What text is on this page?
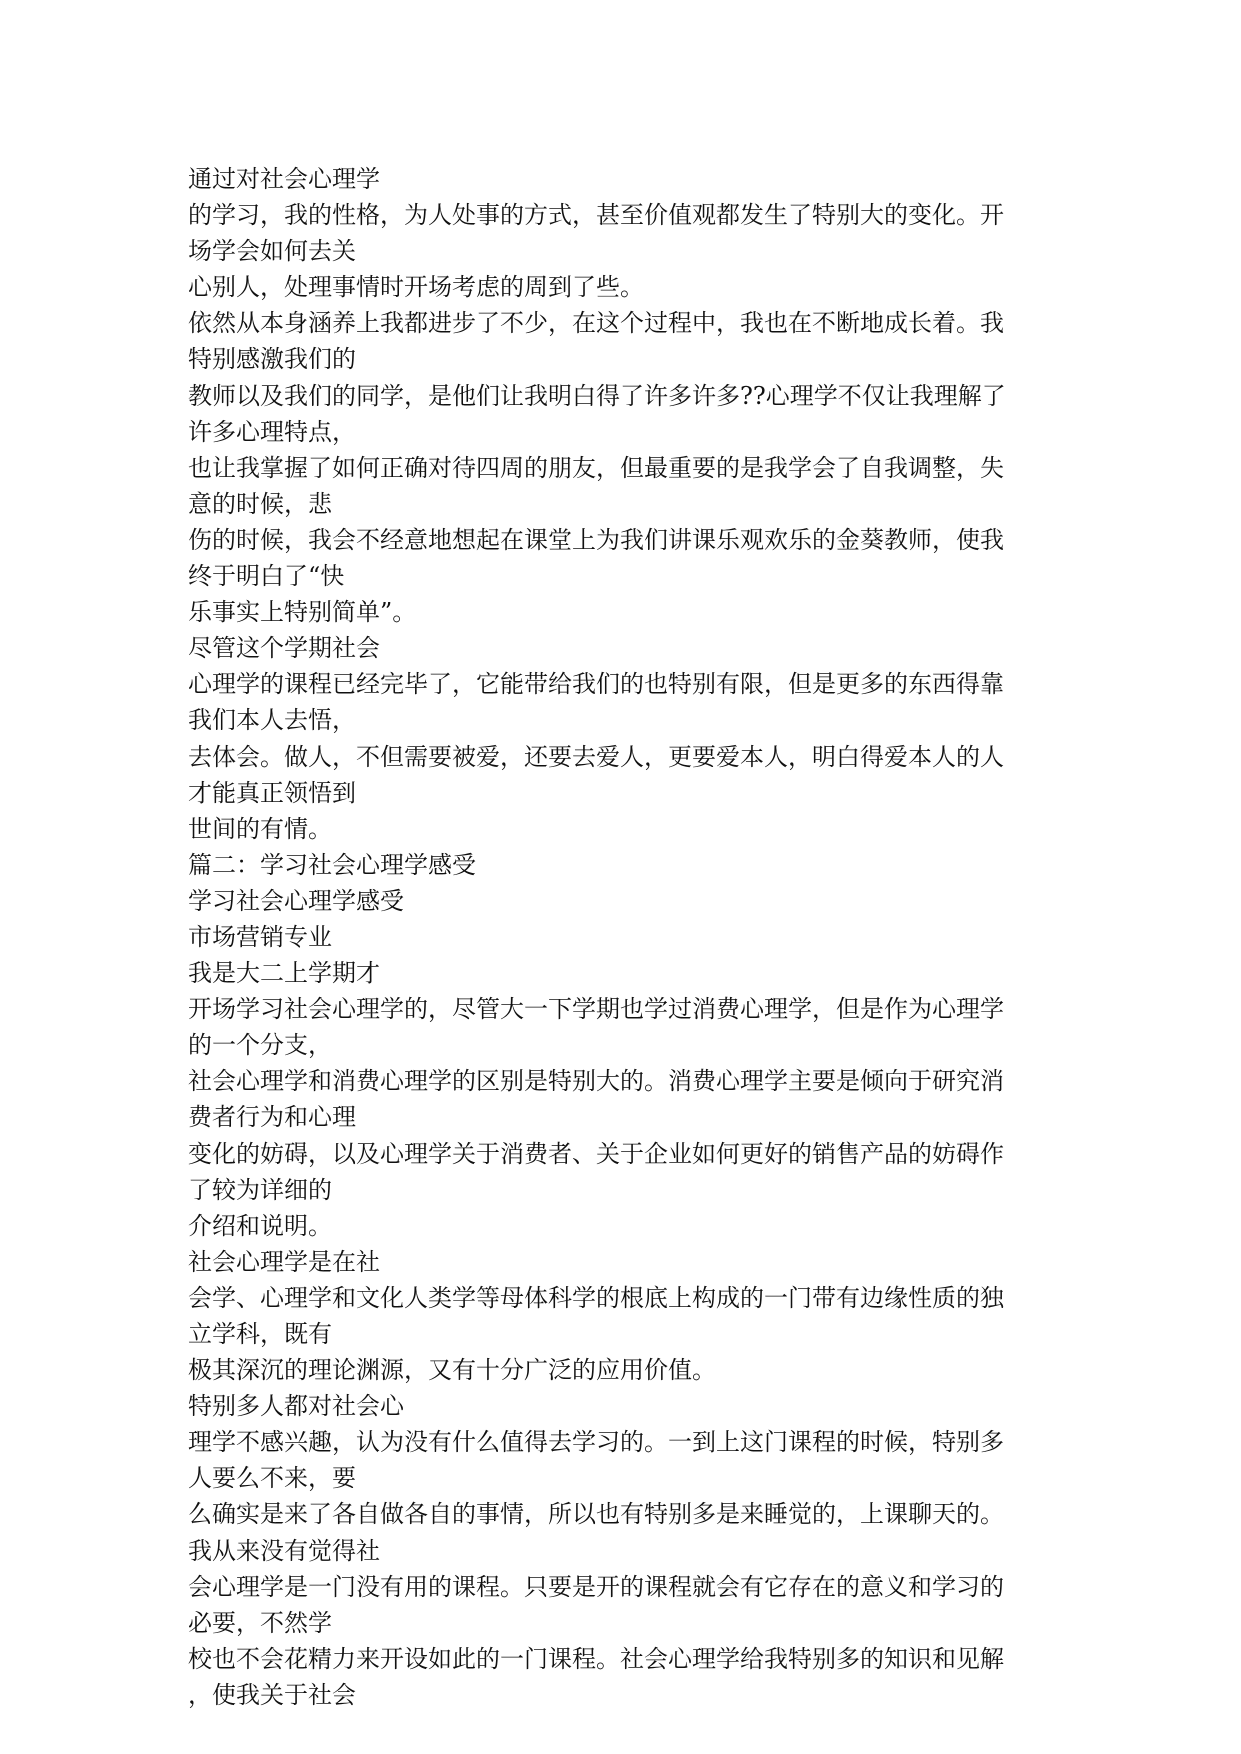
通过对社会心理学
的学习，我的性格，为人处事的方式，甚至价值观都发生了特别大的变化。开
场学会如何去关
心别人，处理事情时开场考虑的周到了些。
依然从本身涵养上我都进步了不少，在这个过程中，我也在不断地成长着。我
特别感激我们的
教师以及我们的同学，是他们让我明白得了许多许多??心理学不仅让我理解了
许多心理特点，
也让我掌握了如何正确对待四周的朋友，但最重要的是我学会了自我调整，失
意的时候，悲
伤的时候，我会不经意地想起在课堂上为我们讲课乐观欢乐的金葵教师，使我
终于明白了“快
乐事实上特别简单”。
尽管这个学期社会
心理学的课程已经完毕了，它能带给我们的也特别有限，但是更多的东西得靠
我们本人去悟，
去体会。做人，不但需要被爱，还要去爱人，更要爱本人，明白得爱本人的人
才能真正领悟到
世间的有情。
篇二：学习社会心理学感受
学习社会心理学感受
市场营销专业
我是大二上学期才
开场学习社会心理学的，尽管大一下学期也学过消费心理学，但是作为心理学
的一个分支，
社会心理学和消费心理学的区别是特别大的。消费心理学主要是倾向于研究消
费者行为和心理
变化的妨碍，以及心理学关于消费者、关于企业如何更好的销售产品的妨碍作
了较为详细的
介绍和说明。
社会心理学是在社
会学、心理学和文化人类学等母体科学的根底上构成的一门带有边缘性质的独
立学科，既有
极其深沉的理论渊源，又有十分广泛的应用价值。
特别多人都对社会心
理学不感兴趣，认为没有什么值得去学习的。一到上这门课程的时候，特别多
人要么不来，要
么确实是来了各自做各自的事情，所以也有特别多是来睡觉的，上课聊天的。
我从来没有觉得社
会心理学是一门没有用的课程。只要是开的课程就会有它存在的意义和学习的
必要，不然学
校也不会花精力来开设如此的一门课程。社会心理学给我特别多的知识和见解
，使我关于社会
